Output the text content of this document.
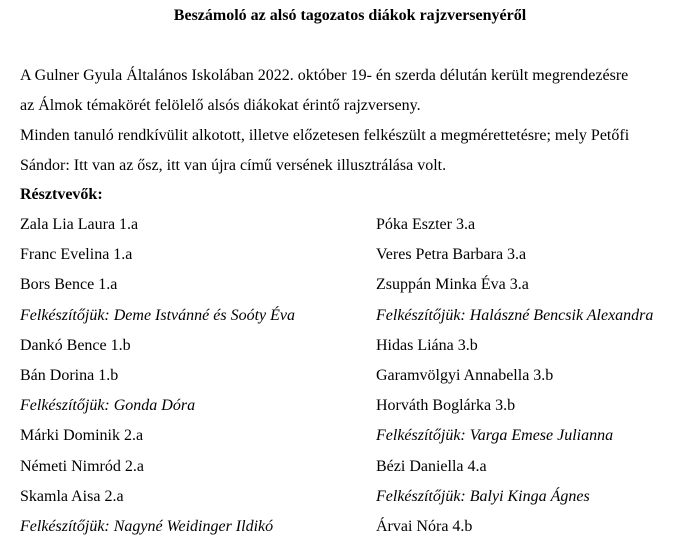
Beszámoló az alsó tagozatos diákok rajzversenyéről
A Gulner Gyula Általános Iskolában 2022. október 19- én szerda délután került megrendezésre
az Álmok témakörét felölelő alsós diákokat érintő rajzverseny.
Minden tanuló rendkívülit alkotott, illetve előzetesen felkészült a megmérettetésre; mely Petőfi
Sándor: Itt van az ősz, itt van újra című versének illusztrálása volt.
Résztvevők:
Zala Lia Laura 1.a
Franc Evelina 1.a
Bors Bence 1.a
Felkészítőjük: Deme Istvánné és Soóty Éva
Dankó Bence 1.b
Bán Dorina 1.b
Felkészítőjük: Gonda Dóra
Márki Dominik 2.a
Németi Nimród 2.a
Skamla Aisa 2.a
Felkészítőjük: Nagyné Weidinger Ildikó
Póka Eszter 3.a
Veres Petra Barbara 3.a
Zsuppán Minka Éva 3.a
Felkészítőjük: Halászné Bencsik Alexandra
Hidas Liána 3.b
Garamvölgyi Annabella 3.b
Horváth Boglárka 3.b
Felkészítőjük: Varga Emese Julianna
Bézi Daniella 4.a
Felkészítőjük: Balyi Kinga Ágnes
Árvai Nóra 4.b
